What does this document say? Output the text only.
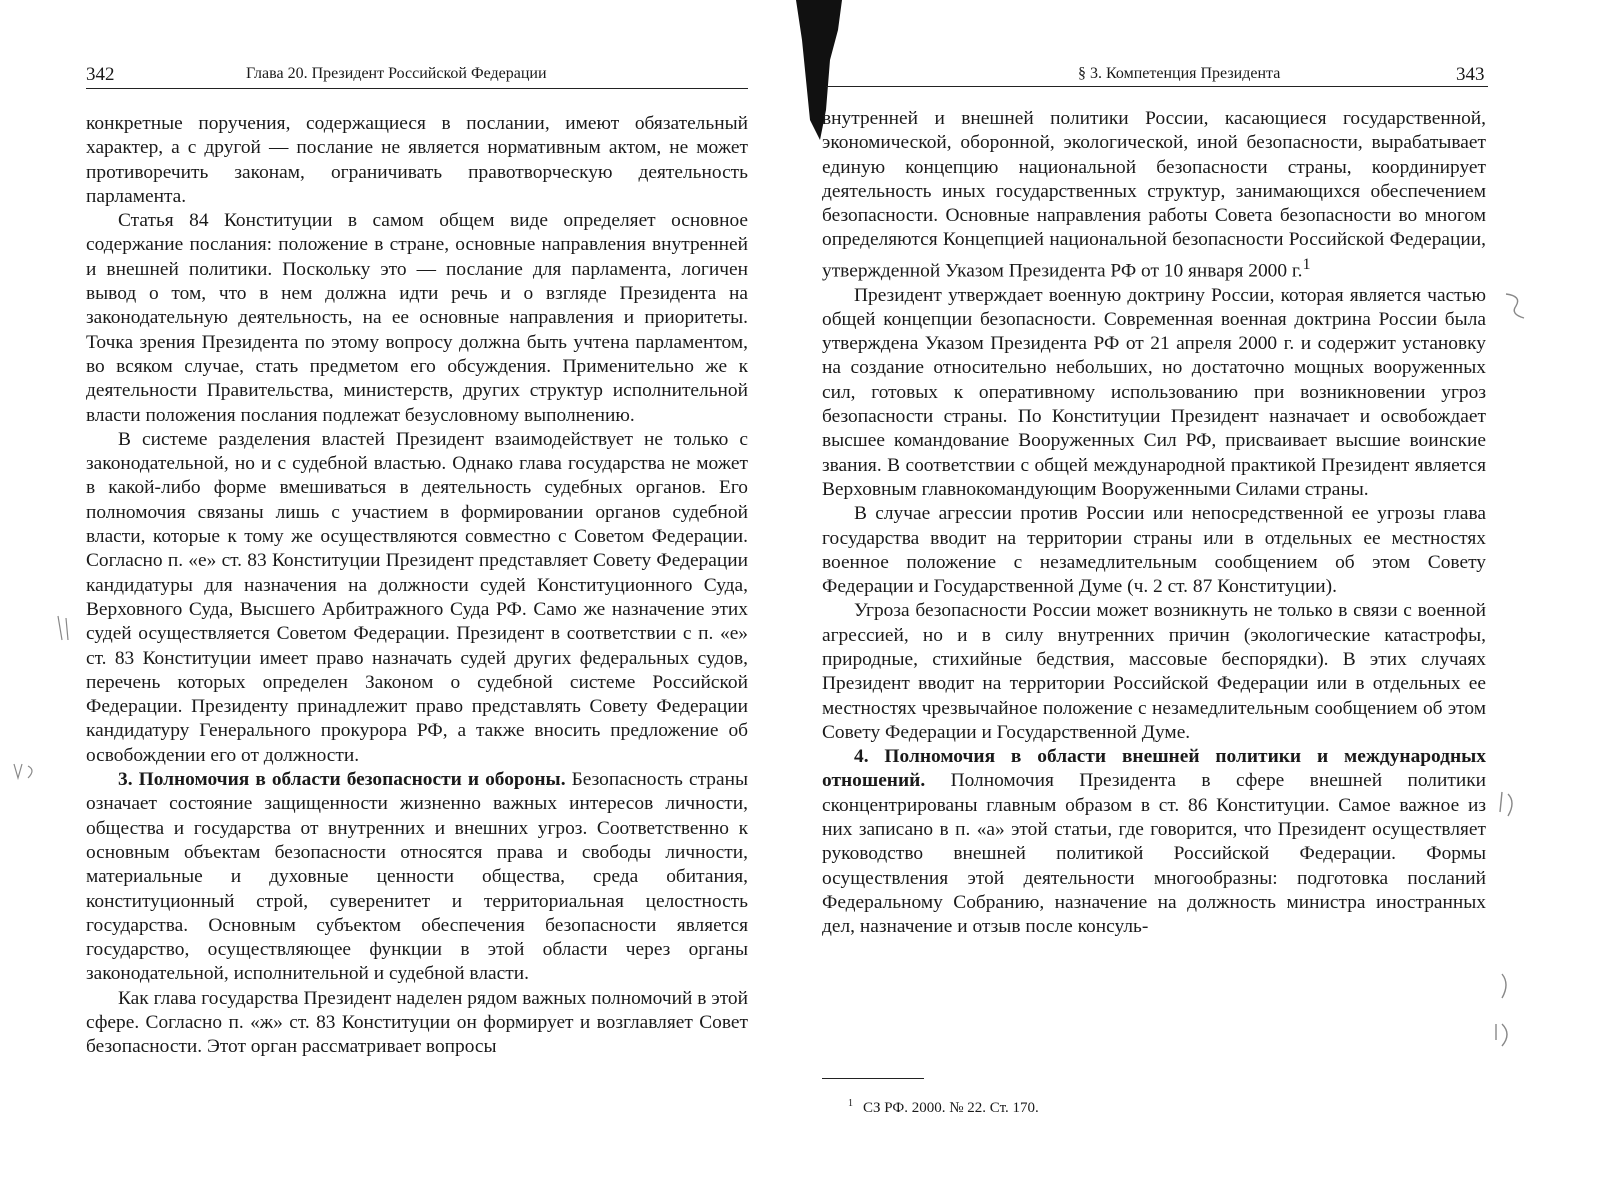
342	Глава 20. Президент Российской Федерации

конкретные поручения, содержащиеся в послании, имеют обязательный характер, а с другой — послание не является нормативным актом, не может противоречить законам, ограничивать правотворческую деятельность парламента.

Статья 84 Конституции в самом общем виде определяет основное содержание послания: положение в стране, основные направления внутренней и внешней политики. Поскольку это — послание для парламента, логичен вывод о том, что в нем должна идти речь и о взгляде Президента на законодательную деятельность, на ее основные направления и приоритеты. Точка зрения Президента по этому вопросу должна быть учтена парламентом, во всяком случае, стать предметом его обсуждения. Применительно же к деятельности Правительства, министерств, других структур исполнительной власти положения послания подлежат безусловному выполнению.

В системе разделения властей Президент взаимодействует не только с законодательной, но и с судебной властью. Однако глава государства не может в какой-либо форме вмешиваться в деятельность судебных органов. Его полномочия связаны лишь с участием в формировании органов судебной власти, которые к тому же осуществляются совместно с Советом Федерации. Согласно п. «е» ст. 83 Конституции Президент представляет Совету Федерации кандидатуры для назначения на должности судей Конституционного Суда, Верховного Суда, Высшего Арбитражного Суда РФ. Само же назначение этих судей осуществляется Советом Федерации. Президент в соответствии с п. «е» ст. 83 Конституции имеет право назначать судей других федеральных судов, перечень которых определен Законом о судебной системе Российской Федерации. Президенту принадлежит право представлять Совету Федерации кандидатуру Генерального прокурора РФ, а также вносить предложение об освобождении его от должности.

3. Полномочия в области безопасности и обороны. Безопасность страны означает состояние защищенности жизненно важных интересов личности, общества и государства от внутренних и внешних угроз. Соответственно к основным объектам безопасности относятся права и свободы личности, материальные и духовные ценности общества, среда обитания, конституционный строй, суверенитет и территориальная целостность государства. Основным субъектом обеспечения безопасности является государство, осуществляющее функции в этой области через органы законодательной, исполнительной и судебной власти.

Как глава государства Президент наделен рядом важных полномочий в этой сфере. Согласно п. «ж» ст. 83 Конституции он формирует и возглавляет Совет безопасности. Этот орган рассматривает вопросы

§ 3. Компетенция Президента	343

внутренней и внешней политики России, касающиеся государственной, экономической, оборонной, экологической, иной безопасности, вырабатывает единую концепцию национальной безопасности страны, координирует деятельность иных государственных структур, занимающихся обеспечением безопасности. Основные направления работы Совета безопасности во многом определяются Концепцией национальной безопасности Российской Федерации, утвержденной Указом Президента РФ от 10 января 2000 г.$^1$

Президент утверждает военную доктрину России, которая является частью общей концепции безопасности. Современная военная доктрина России была утверждена Указом Президента РФ от 21 апреля 2000 г. и содержит установку на создание относительно небольших, но достаточно мощных вооруженных сил, готовых к оперативному использованию при возникновении угроз безопасности страны. По Конституции Президент назначает и освобождает высшее командование Вооруженных Сил РФ, присваивает высшие воинские звания. В соответствии с общей международной практикой Президент является Верховным главнокомандующим Вооруженными Силами страны.

В случае агрессии против России или непосредственной ее угрозы глава государства вводит на территории страны или в отдельных ее местностях военное положение с незамедлительным сообщением об этом Совету Федерации и Государственной Думе (ч. 2 ст. 87 Конституции).

Угроза безопасности России может возникнуть не только в связи с военной агрессией, но и в силу внутренних причин (экологические катастрофы, природные, стихийные бедствия, массовые беспорядки). В этих случаях Президент вводит на территории Российской Федерации или в отдельных ее местностях чрезвычайное положение с незамедлительным сообщением об этом Совету Федерации и Государственной Думе.

4. Полномочия в области внешней политики и международных отношений. Полномочия Президента в сфере внешней политики сконцентрированы главным образом в ст. 86 Конституции. Самое важное из них записано в п. «а» этой статьи, где говорится, что Президент осуществляет руководство внешней политикой Российской Федерации. Формы осуществления этой деятельности многообразны: подготовка посланий Федеральному Собранию, назначение на должность министра иностранных дел, назначение и отзыв после консуль-

$^1$ СЗ РФ. 2000. № 22. Ст. 170.
